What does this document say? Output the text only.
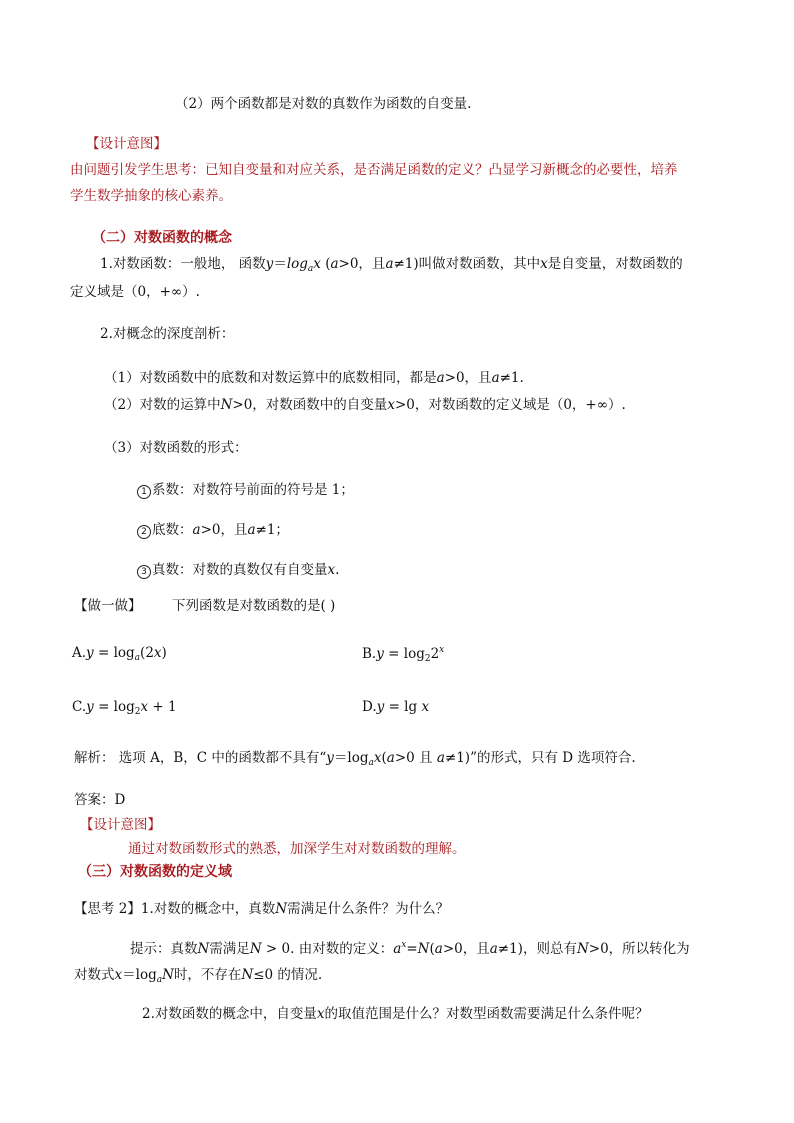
（2）两个函数都是对数的真数作为函数的自变量.
【设计意图】
由问题引发学生思考：已知自变量和对应关系，是否满足函数的定义？凸显学习新概念的必要性，培养
学生数学抽象的核心素养。
（二）对数函数的概念
1.对数函数：一般地， 函数$y=\log_ax$ (a>0，且a≠1)叫做对数函数，其中x是自变量，对数函数的
定义域是（0，+∞）.
2.对概念的深度剖析：
（1）对数函数中的底数和对数运算中的底数相同，都是a>0，且a≠1.
（2）对数的运算中N>0，对数函数中的自变量x>0，对数函数的定义域是（0，+∞）.
（3）对数函数的形式：
1 系数：对数符号前面的符号是 1；
2 底数：a>0，且a≠1；
3 真数：对数的真数仅有自变量x.
【做一做】 下列函数是对数函数的是( )
$A.y = \log_a(2x)$	$B.y = \log_22^x$
$C.y = \log_2x + 1$	D.y = lg x
解析： 选项 A，B，C 中的函数都不具有“$y=\log_ax(a>0$ 且 a≠1)”的形式，只有 D 选项符合.
答案：D
【设计意图】
通过对数函数形式的熟悉，加深学生对对数函数的理解。
（三）对数函数的定义域
【思考 2】1.对数的概念中，真数N需满足什么条件？为什么？
提示：真数N需满足N > 0. 由对数的定义：$a^x=N(a>0$，且a≠1)，则总有N>0，所以转化为
对数式$x=\log_aN$时，不存在N≤0 的情况.
2.对数函数的概念中，自变量x的取值范围是什么？对数型函数需要满足什么条件呢？
